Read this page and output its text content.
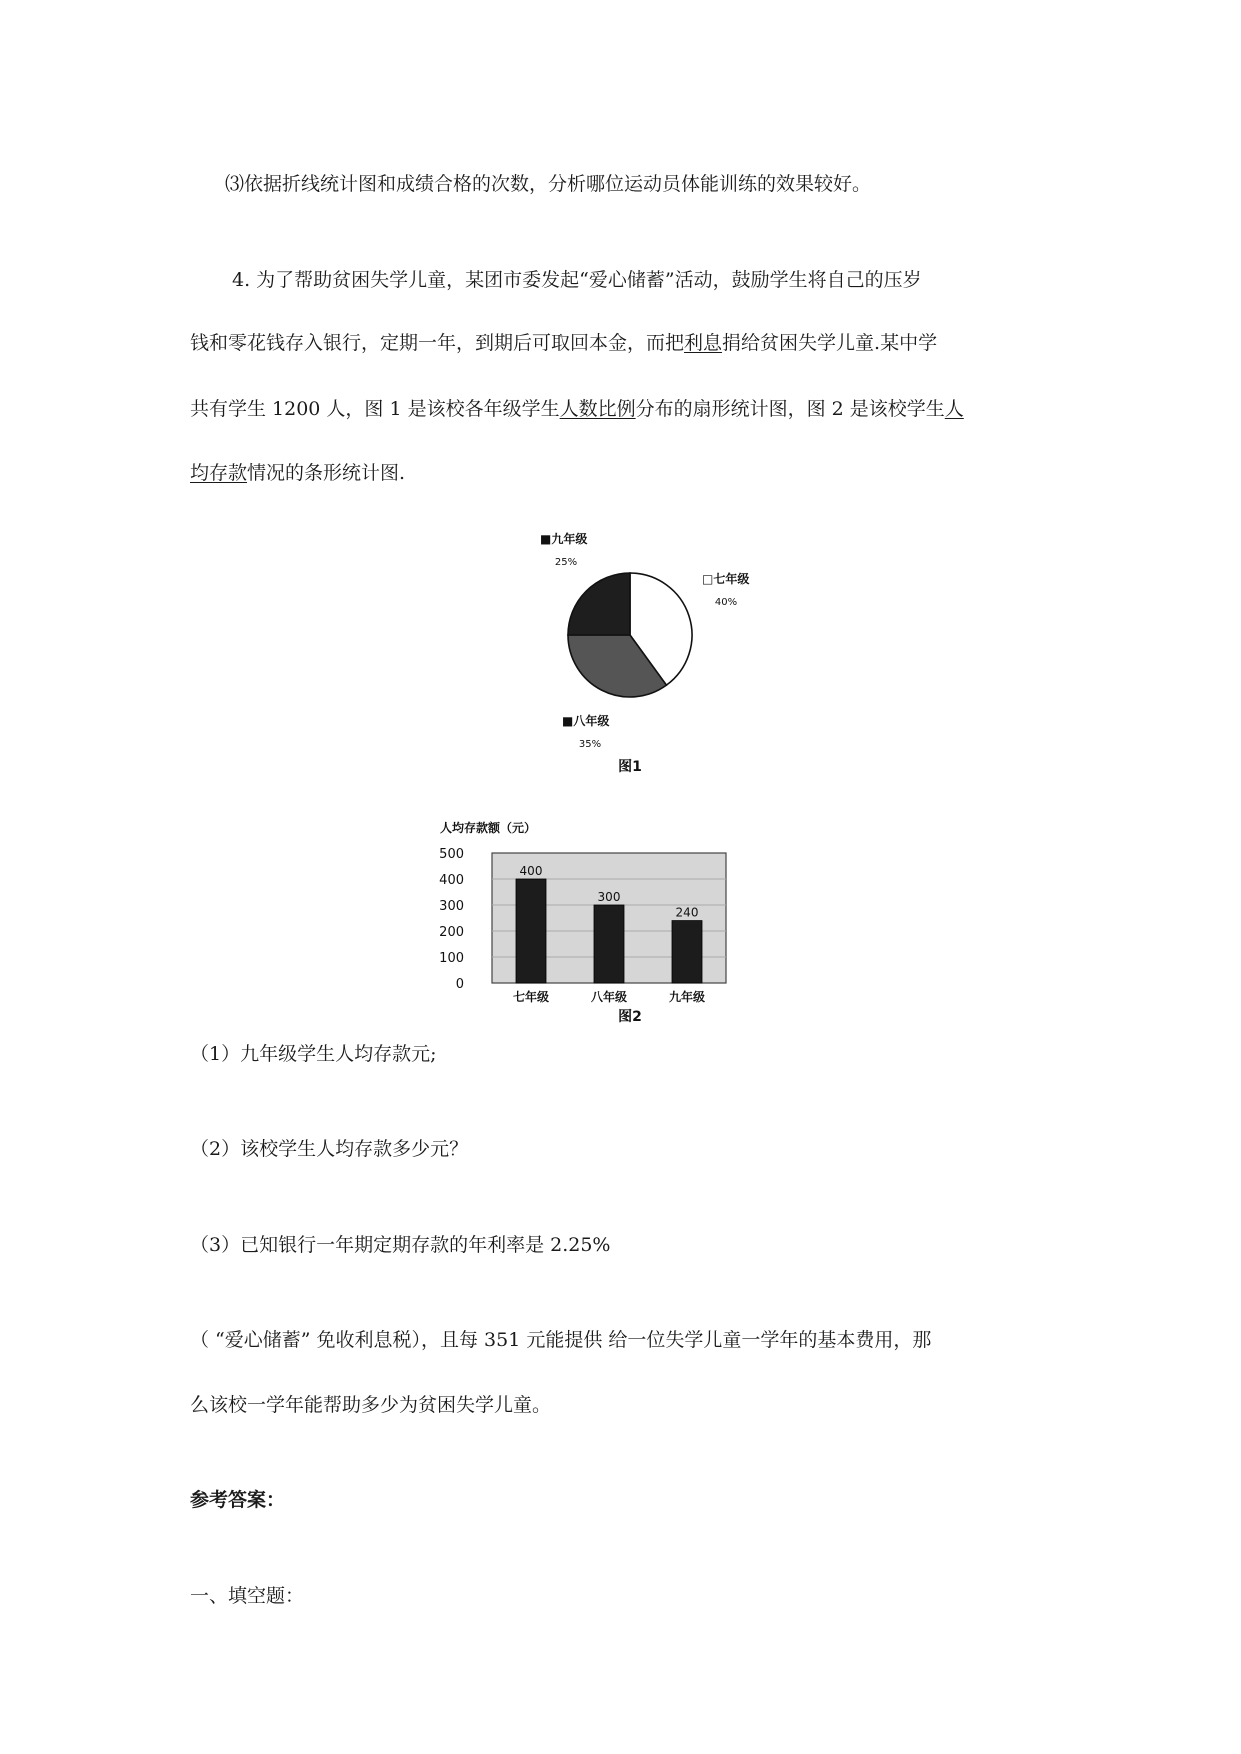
⑶依据折线统计图和成绩合格的次数，分析哪位运动员体能训练的效果较好。
4. 为了帮助贫困失学儿童，某团市委发起“爱心储蓄”活动，鼓励学生将自己的压岁
钱和零花钱存入银行，定期一年，到期后可取回本金，而把利息捐给贫困失学儿童.某中学
共有学生 1200 人，图 1 是该校各年级学生人数比例分布的扇形统计图，图 2 是该校学生人
均存款情况的条形统计图.
□七年级
40%
■八年级
35%
■九年级
25%
图1
人均存款额（元）
0
100
200
300
400
500
400
七年级
300
八年级
240
九年级
图2
（1）九年级学生人均存款元;
（2）该校学生人均存款多少元？
（3）已知银行一年期定期存款的年利率是 2.25%
（ “爱心储蓄” 免收利息税），且每 351 元能提供 给一位失学儿童一学年的基本费用，那
么该校一学年能帮助多少为贫困失学儿童。
参考答案：
一、填空题：
